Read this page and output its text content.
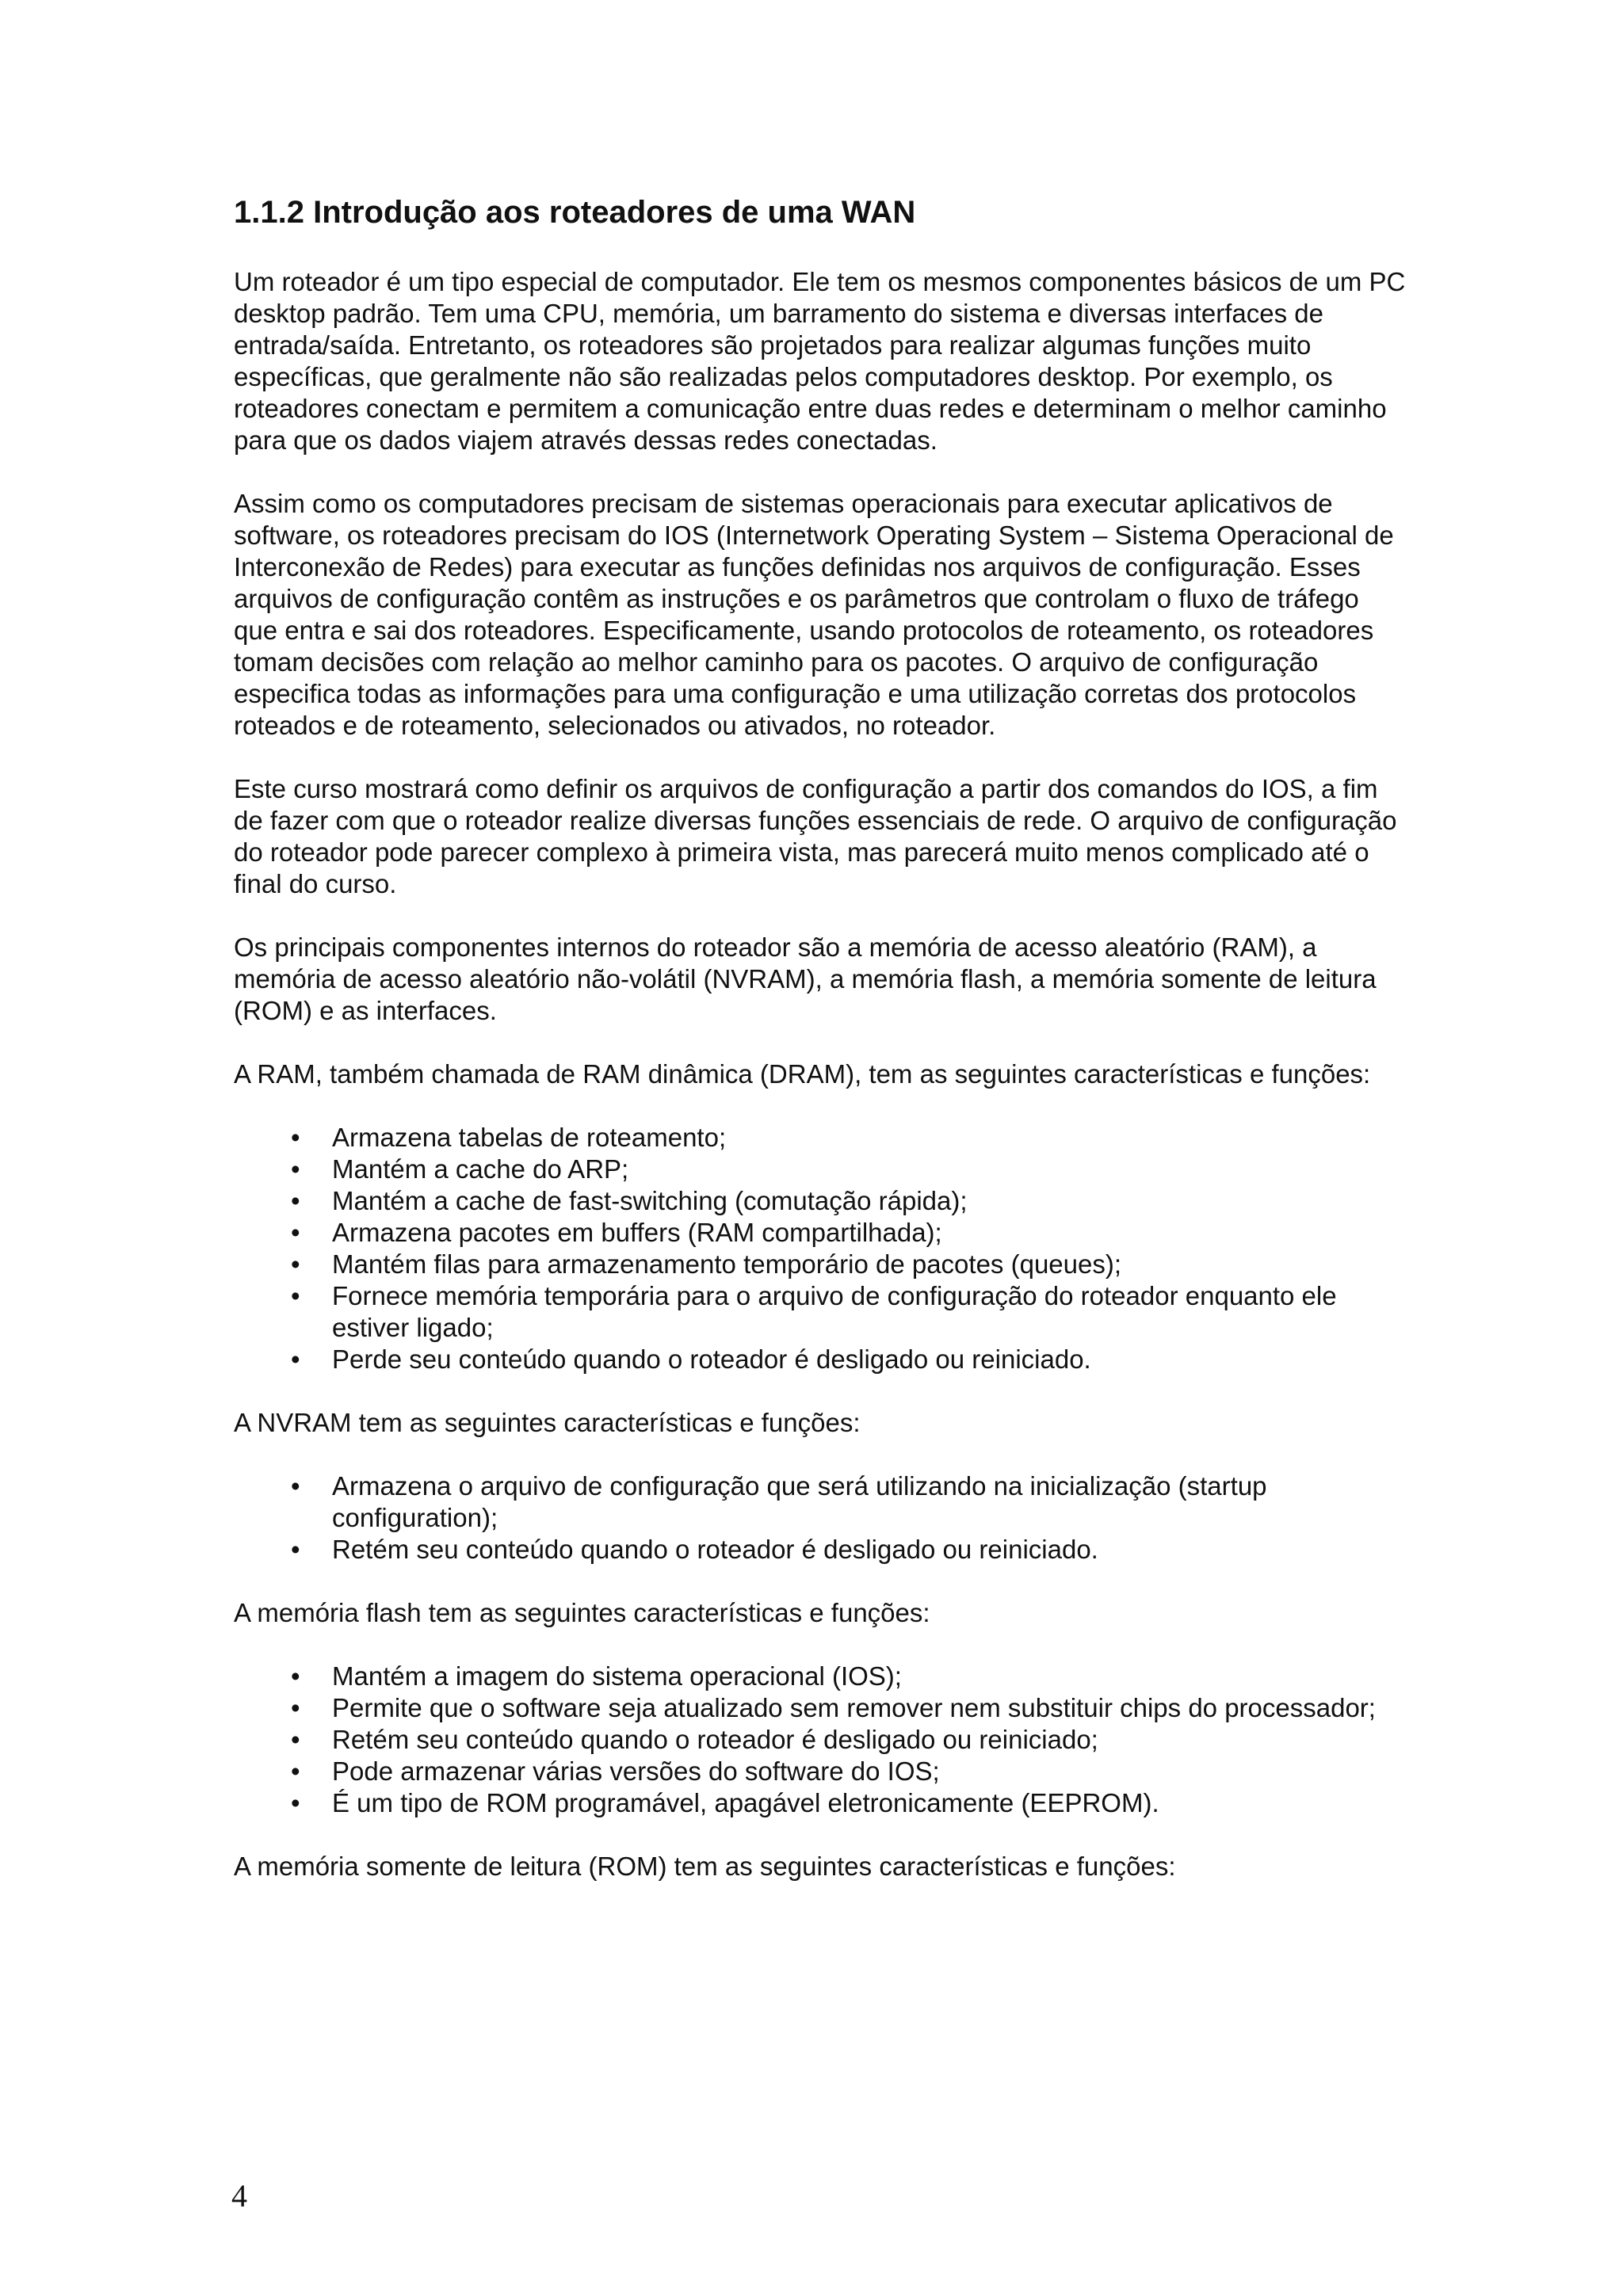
1.1.2 Introdução aos roteadores de uma WAN

Um roteador é um tipo especial de computador. Ele tem os mesmos componentes básicos de um PC desktop padrão. Tem uma CPU, memória, um barramento do sistema e diversas interfaces de entrada/saída. Entretanto, os roteadores são projetados para realizar algumas funções muito específicas, que geralmente não são realizadas pelos computadores desktop. Por exemplo, os roteadores conectam e permitem a comunicação entre duas redes e determinam o melhor caminho para que os dados viajem através dessas redes conectadas.

Assim como os computadores precisam de sistemas operacionais para executar aplicativos de software, os roteadores precisam do IOS (Internetwork Operating System – Sistema Operacional de Interconexão de Redes) para executar as funções definidas nos arquivos de configuração. Esses arquivos de configuração contêm as instruções e os parâmetros que controlam o fluxo de tráfego que entra e sai dos roteadores. Especificamente, usando protocolos de roteamento, os roteadores tomam decisões com relação ao melhor caminho para os pacotes. O arquivo de configuração especifica todas as informações para uma configuração e uma utilização corretas dos protocolos roteados e de roteamento, selecionados ou ativados, no roteador.

Este curso mostrará como definir os arquivos de configuração a partir dos comandos do IOS, a fim de fazer com que o roteador realize diversas funções essenciais de rede. O arquivo de configuração do roteador pode parecer complexo à primeira vista, mas parecerá muito menos complicado até o final do curso.

Os principais componentes internos do roteador são a memória de acesso aleatório (RAM), a memória de acesso aleatório não-volátil (NVRAM), a memória flash, a memória somente de leitura (ROM) e as interfaces.

A RAM, também chamada de RAM dinâmica (DRAM), tem as seguintes características e funções:

• Armazena tabelas de roteamento;
• Mantém a cache do ARP;
• Mantém a cache de fast-switching (comutação rápida);
• Armazena pacotes em buffers (RAM compartilhada);
• Mantém filas para armazenamento temporário de pacotes (queues);
• Fornece memória temporária para o arquivo de configuração do roteador enquanto ele estiver ligado;
• Perde seu conteúdo quando o roteador é desligado ou reiniciado.

A NVRAM tem as seguintes características e funções:

• Armazena o arquivo de configuração que será utilizando na inicialização (startup configuration);
• Retém seu conteúdo quando o roteador é desligado ou reiniciado.

A memória flash tem as seguintes características e funções:

• Mantém a imagem do sistema operacional (IOS);
• Permite que o software seja atualizado sem remover nem substituir chips do processador;
• Retém seu conteúdo quando o roteador é desligado ou reiniciado;
• Pode armazenar várias versões do software do IOS;
• É um tipo de ROM programável, apagável eletronicamente (EEPROM).

A memória somente de leitura (ROM) tem as seguintes características e funções:

4
